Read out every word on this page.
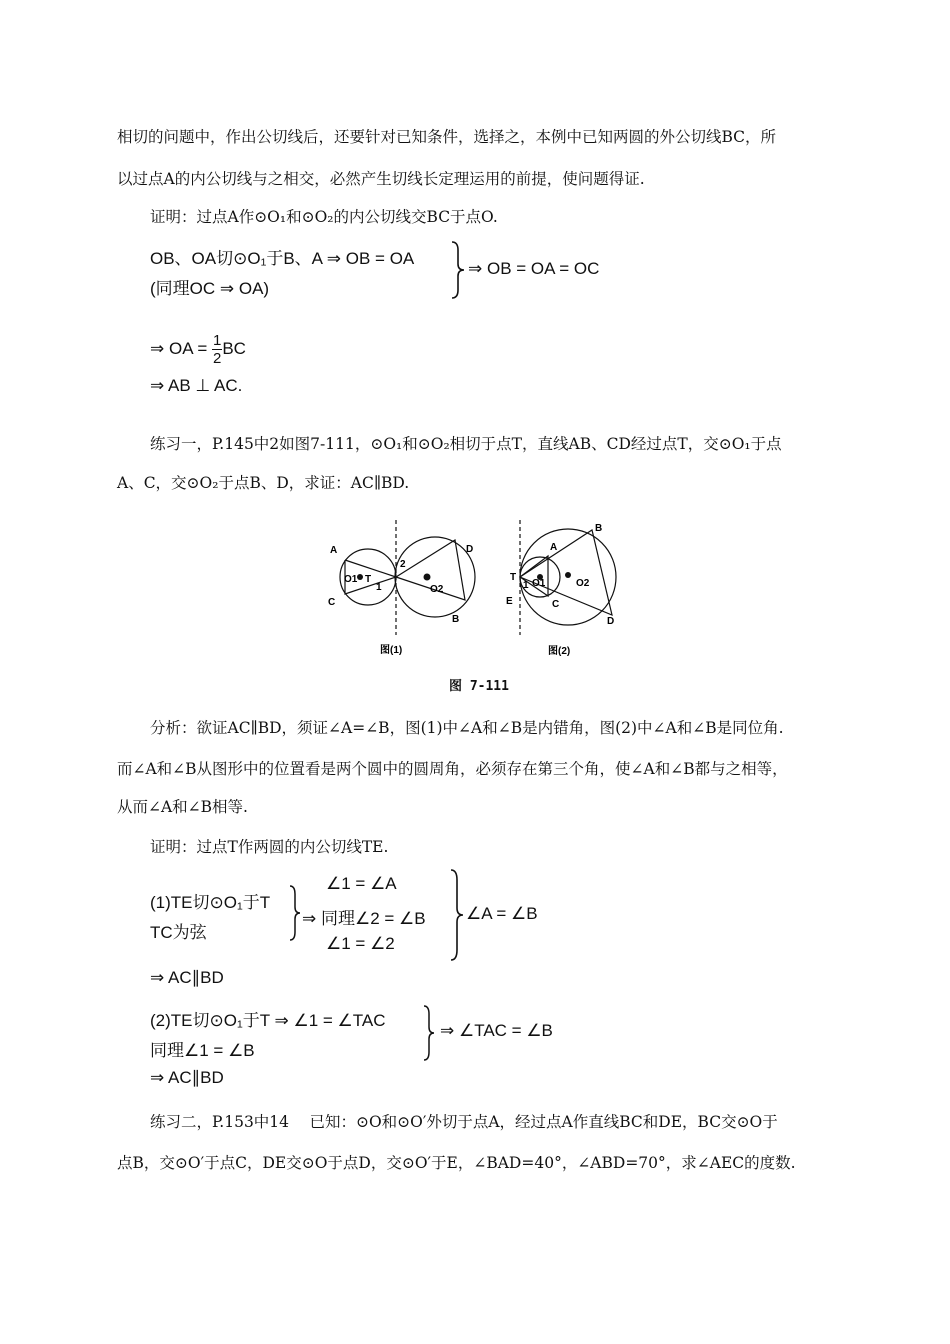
相切的问题中，作出公切线后，还要针对已知条件，选择之，本例中已知两圆的外公切线BC，所
以过点A的内公切线与之相交，必然产生切线长定理运用的前提，使问题得证.
证明：过点A作⊙O₁和⊙O₂的内公切线交BC于点O.
OB、OA切⊙O₁于B、A ⇒ OB = OA
(同理OC ⇒ OA)
⇒ OB = OA = OC
⇒ OA = $\frac{1}{2}$ BC
⇒ AB ⊥ AC.
练习一，P.145中2如图7-111，⊙O₁和⊙O₂相切于点T，直线AB、CD经过点T，交⊙O₁于点
A、C，交⊙O₂于点B、D，求证：AC∥BD.
A
O1 T
C
1
2
O2
D
B
图(1)
B
A
T
1 O1	O2
E	C
D
图(2)
图 7-111
分析：欲证AC∥BD，须证∠A=∠B，图(1)中∠A和∠B是内错角，图(2)中∠A和∠B是同位角.
而∠A和∠B从图形中的位置看是两个圆中的圆周角，必须存在第三个角，使∠A和∠B都与之相等，
从而∠A和∠B相等.
证明：过点T作两圆的内公切线TE.
(1)TE切⊙O₁于T
TC为弦
∠1 = ∠A
⇒ 同理∠2 = ∠B
∠1 = ∠2
∠A = ∠B
⇒ AC∥BD
(2)TE切⊙O₁于T ⇒ ∠1 = ∠TAC
同理∠1 = ∠B
⇒ ∠TAC = ∠B
⇒ AC∥BD
练习二，P.153中14　 已知：⊙O和⊙O′外切于点A，经过点A作直线BC和DE，BC交⊙O于
点B，交⊙O′于点C，DE交⊙O于点D，交⊙O′于E，∠BAD=40°，∠ABD=70°，求∠AEC的度数.
